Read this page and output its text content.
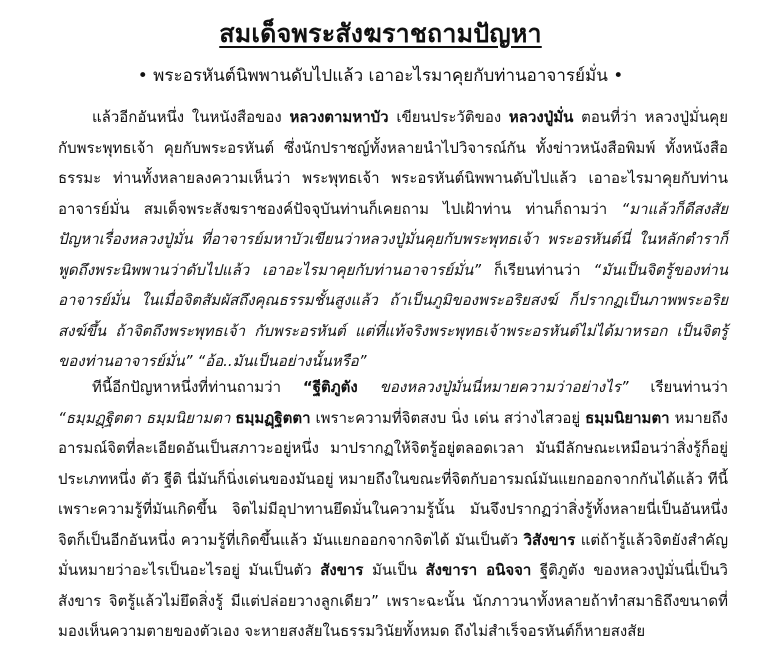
สมเด็จพระสังฆราชถามปัญหา
• พระอรหันต์นิพพานดับไปแล้ว เอาอะไรมาคุยกับท่านอาจารย์มั่น •

แล้วอีกอันหนึ่ง ในหนังสือของ หลวงตามหาบัว เขียนประวัติของ หลวงปู่มั่น ตอนที่ว่า หลวงปู่มั่นคุยกับพระพุทธเจ้า คุยกับพระอรหันต์ ซึ่งนักปราชญ์ทั้งหลายนำไปวิจารณ์กัน ทั้งข่าวหนังสือพิมพ์ ทั้งหนังสือธรรมะ ท่านทั้งหลายลงความเห็นว่า พระพุทธเจ้า พระอรหันต์นิพพานดับไปแล้ว เอาอะไรมาคุยกับท่านอาจารย์มั่น สมเด็จพระสังฆราชองค์ปัจจุบันท่านก็เคยถาม ไปเฝ้าท่าน ท่านก็ถามว่า “มาแล้วก็ดีสงสัยปัญหาเรื่องหลวงปู่มั่น ที่อาจารย์มหาบัวเขียนว่าหลวงปู่มั่นคุยกับพระพุทธเจ้า พระอรหันต์นี่ ในหลักตำราก็พูดถึงพระนิพพานว่าดับไปแล้ว เอาอะไรมาคุยกับท่านอาจารย์มั่น” ก็เรียนท่านว่า “มันเป็นจิตรู้ของท่านอาจารย์มั่น ในเมื่อจิตสัมผัสถึงคุณธรรมชั้นสูงแล้ว ถ้าเป็นภูมิของพระอริยสงฆ์ ก็ปรากฏเป็นภาพพระอริยสงฆ์ขึ้น ถ้าจิตถึงพระพุทธเจ้า กับพระอรหันต์ แต่ที่แท้จริงพระพุทธเจ้าพระอรหันต์ไม่ได้มาหรอก เป็นจิตรู้ของท่านอาจารย์มั่น” “อ้อ..มันเป็นอย่างนั้นหรือ”

ทีนี้อีกปัญหาหนึ่งที่ท่านถามว่า “ฐีติภูตัง ของหลวงปู่มั่นนี่หมายความว่าอย่างไร” เรียนท่านว่า “ธมฺมฏฺฐิตตา ธมฺมนิยามตา ธมฺมฏฺฐิตตา เพราะความที่จิตสงบ นิ่ง เด่น สว่างไสวอยู่ ธมฺมนิยามตา หมายถึงอารมณ์จิตที่ละเอียดอันเป็นสภาวะอยู่หนึ่ง มาปรากฏให้จิตรู้อยู่ตลอดเวลา มันมีลักษณะเหมือนว่าสิ่งรู้ก็อยู่ประเภทหนึ่ง ตัว ฐีติ นี่มันก็นิ่งเด่นของมันอยู่ หมายถึงในขณะที่จิตกับอารมณ์มันแยกออกจากกันได้แล้ว ทีนี้เพราะความรู้ที่มันเกิดขึ้น จิตไม่มีอุปาทานยึดมั่นในความรู้นั้น มันจึงปรากฏว่าสิ่งรู้ทั้งหลายนี่เป็นอันหนึ่ง จิตก็เป็นอีกอันหนึ่ง ความรู้ที่เกิดขึ้นแล้ว มันแยกออกจากจิตได้ มันเป็นตัว วิสังขาร แต่ถ้ารู้แล้วจิตยังสำคัญมั่นหมายว่าอะไรเป็นอะไรอยู่ มันเป็นตัว สังขาร มันเป็น สังขารา อนิจจา ฐีติภูตัง ของหลวงปู่มั่นนี่เป็นวิสังขาร จิตรู้แล้วไม่ยึดสิ่งรู้ มีแต่ปล่อยวางลูกเดียว” เพราะฉะนั้น นักภาวนาทั้งหลายถ้าทำสมาธิถึงขนาดที่มองเห็นความตายของตัวเอง จะหายสงสัยในธรรมวินัยทั้งหมด ถึงไม่สำเร็จอรหันต์ก็หายสงสัย
